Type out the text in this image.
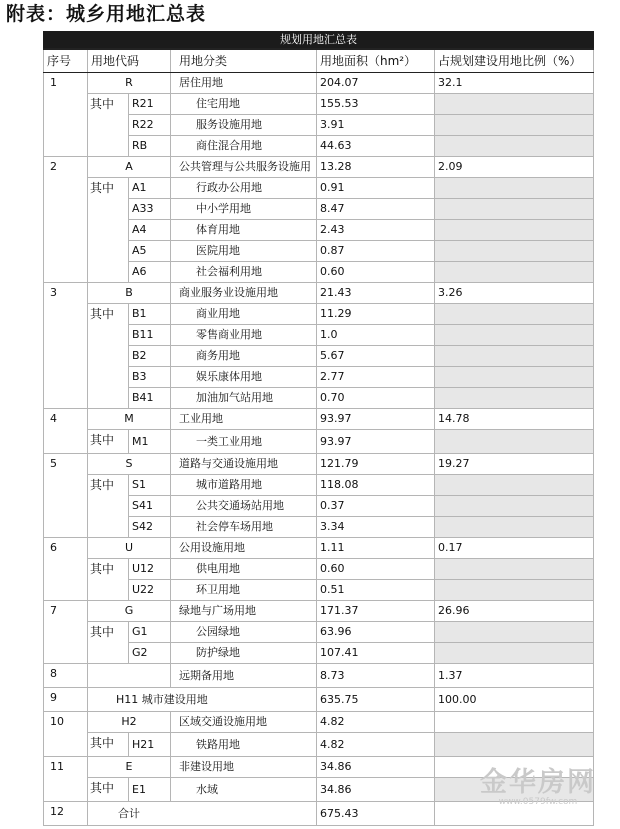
附表：城乡用地汇总表
规划用地汇总表					
序号	用地代码		用地分类	用地面积（hm²）	占规划建设用地比例（%）
1	R		居住用地	204.07	32.1
	其中	R21	住宅用地	155.53	
		R22	服务设施用地	3.91	
		RB	商住混合用地	44.63	
2	A		公共管理与公共服务设施用	13.28	2.09
	其中	A1	行政办公用地	0.91	
		A33	中小学用地	8.47	
		A4	体育用地	2.43	
		A5	医院用地	0.87	
		A6	社会福利用地	0.60	
3	B		商业服务业设施用地	21.43	3.26
	其中	B1	商业用地	11.29	
		B11	零售商业用地	1.0	
		B2	商务用地	5.67	
		B3	娱乐康体用地	2.77	
		B41	加油加气站用地	0.70	
4	M		工业用地	93.97	14.78
	其中	M1	一类工业用地	93.97	
5	S		道路与交通设施用地	121.79	19.27
	其中	S1	城市道路用地	118.08	
		S41	公共交通场站用地	0.37	
		S42	社会停车场用地	3.34	
6	U		公用设施用地	1.11	0.17
	其中	U12	供电用地	0.60	
		U22	环卫用地	0.51	
7	G		绿地与广场用地	171.37	26.96
	其中	G1	公园绿地	63.96	
		G2	防护绿地	107.41	
8			远期备用地	8.73	1.37
9	H11 城市建设用地			635.75	100.00
10	H2		区域交通设施用地	4.82	
	其中	H21	铁路用地	4.82	
11	E		非建设用地	34.86	
	其中	E1	水域	34.86	
12	合计			675.43	
金华房网
www.0579fw.com
